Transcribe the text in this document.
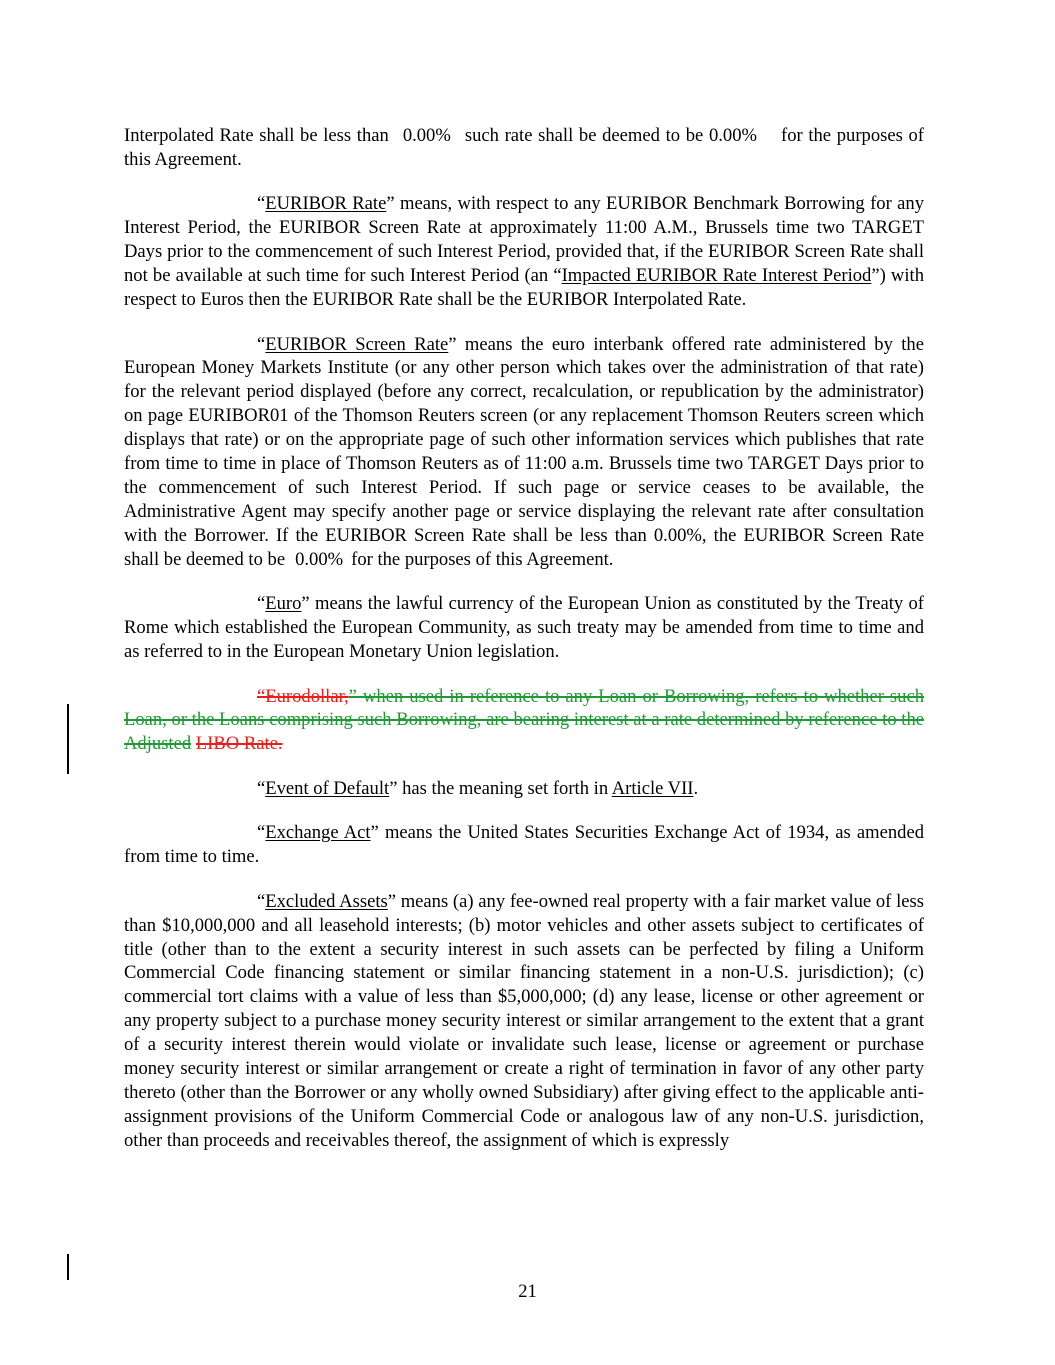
Interpolated Rate shall be less than 0.00% such rate shall be deemed to be 0.00% for the purposes of this Agreement.

“EURIBOR Rate” means, with respect to any EURIBOR Benchmark Borrowing for any Interest Period, the EURIBOR Screen Rate at approximately 11:00 A.M., Brussels time two TARGET Days prior to the commencement of such Interest Period, provided that, if the EURIBOR Screen Rate shall not be available at such time for such Interest Period (an “Impacted EURIBOR Rate Interest Period”) with respect to Euros then the EURIBOR Rate shall be the EURIBOR Interpolated Rate.

“EURIBOR Screen Rate” means the euro interbank offered rate administered by the European Money Markets Institute (or any other person which takes over the administration of that rate) for the relevant period displayed (before any correct, recalculation, or republication by the administrator) on page EURIBOR01 of the Thomson Reuters screen (or any replacement Thomson Reuters screen which displays that rate) or on the appropriate page of such other information services which publishes that rate from time to time in place of Thomson Reuters as of 11:00 a.m. Brussels time two TARGET Days prior to the commencement of such Interest Period. If such page or service ceases to be available, the Administrative Agent may specify another page or service displaying the relevant rate after consultation with the Borrower. If the EURIBOR Screen Rate shall be less than 0.00%, the EURIBOR Screen Rate shall be deemed to be 0.00% for the purposes of this Agreement.

“Euro” means the lawful currency of the European Union as constituted by the Treaty of Rome which established the European Community, as such treaty may be amended from time to time and as referred to in the European Monetary Union legislation.

“Eurodollar,” when used in reference to any Loan or Borrowing, refers to whether such Loan, or the Loans comprising such Borrowing, are bearing interest at a rate determined by reference to the Adjusted LIBO Rate.

“Event of Default” has the meaning set forth in Article VII.

“Exchange Act” means the United States Securities Exchange Act of 1934, as amended from time to time.

“Excluded Assets” means (a) any fee-owned real property with a fair market value of less than $10,000,000 and all leasehold interests; (b) motor vehicles and other assets subject to certificates of title (other than to the extent a security interest in such assets can be perfected by filing a Uniform Commercial Code financing statement or similar financing statement in a non-U.S. jurisdiction); (c) commercial tort claims with a value of less than $5,000,000; (d) any lease, license or other agreement or any property subject to a purchase money security interest or similar arrangement to the extent that a grant of a security interest therein would violate or invalidate such lease, license or agreement or purchase money security interest or similar arrangement or create a right of termination in favor of any other party thereto (other than the Borrower or any wholly owned Subsidiary) after giving effect to the applicable anti-assignment provisions of the Uniform Commercial Code or analogous law of any non-U.S. jurisdiction, other than proceeds and receivables thereof, the assignment of which is expressly

21
